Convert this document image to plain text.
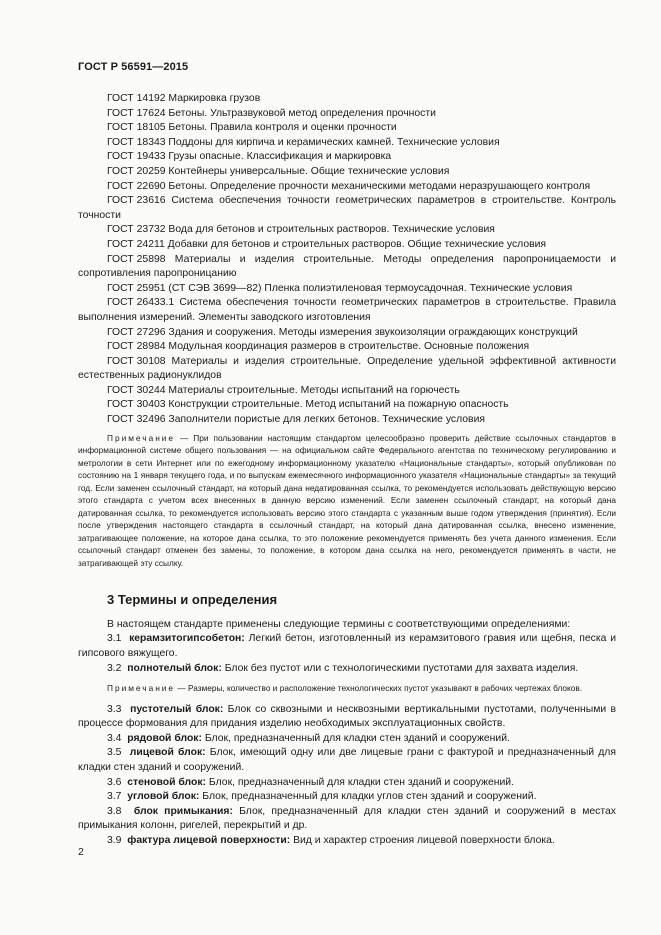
ГОСТ Р 56591—2015

ГОСТ 14192 Маркировка грузов

ГОСТ 17624 Бетоны. Ультразвуковой метод определения прочности

ГОСТ 18105 Бетоны. Правила контроля и оценки прочности

ГОСТ 18343 Поддоны для кирпича и керамических камней. Технические условия

ГОСТ 19433 Грузы опасные. Классификация и маркировка

ГОСТ 20259 Контейнеры универсальные. Общие технические условия

ГОСТ 22690 Бетоны. Определение прочности механическими методами неразрушающего контроля

ГОСТ 23616 Система обеспечения точности геометрических параметров в строительстве. Контроль точности

ГОСТ 23732 Вода для бетонов и строительных растворов. Технические условия

ГОСТ 24211 Добавки для бетонов и строительных растворов. Общие технические условия

ГОСТ 25898 Материалы и изделия строительные. Методы определения паропроницаемости и сопротивления паропроницанию

ГОСТ 25951 (СТ СЭВ 3699—82) Пленка полиэтиленовая термоусадочная. Технические условия

ГОСТ 26433.1 Система обеспечения точности геометрических параметров в строительстве. Правила выполнения измерений. Элементы заводского изготовления

ГОСТ 27296 Здания и сооружения. Методы измерения звукоизоляции ограждающих конструкций

ГОСТ 28984 Модульная координация размеров в строительстве. Основные положения

ГОСТ 30108 Материалы и изделия строительные. Определение удельной эффективной активности естественных радионуклидов

ГОСТ 30244 Материалы строительные. Методы испытаний на горючесть

ГОСТ 30403 Конструкции строительные. Метод испытаний на пожарную опасность

ГОСТ 32496 Заполнители пористые для легких бетонов. Технические условия

Примечание — При пользовании настоящим стандартом целесообразно проверить действие ссылочных стандартов в информационной системе общего пользования — на официальном сайте Федерального агентства по техническому регулированию и метрологии в сети Интернет или по ежегодному информационному указателю «Национальные стандарты», который опубликован по состоянию на 1 января текущего года, и по выпускам ежемесячного информационного указателя «Национальные стандарты» за текущий год. Если заменен ссылочный стандарт, на который дана недатированная ссылка, то рекомендуется использовать действующую версию этого стандарта с учетом всех внесенных в данную версию изменений. Если заменен ссылочный стандарт, на который дана датированная ссылка, то рекомендуется использовать версию этого стандарта с указанным выше годом утверждения (принятия). Если после утверждения настоящего стандарта в ссылочный стандарт, на который дана датированная ссылка, внесено изменение, затрагивающее положение, на которое дана ссылка, то это положение рекомендуется применять без учета данного изменения. Если ссылочный стандарт отменен без замены, то положение, в котором дана ссылка на него, рекомендуется применять в части, не затрагивающей эту ссылку.

3 Термины и определения

В настоящем стандарте применены следующие термины с соответствующими определениями:

3.1 керамзитогипсобетон: Легкий бетон, изготовленный из керамзитового гравия или щебня, песка и гипсового вяжущего.

3.2 полнотелый блок: Блок без пустот или с технологическими пустотами для захвата изделия.

Примечание — Размеры, количество и расположение технологических пустот указывают в рабочих чертежах блоков.

3.3 пустотелый блок: Блок со сквозными и несквозными вертикальными пустотами, полученными в процессе формования для придания изделию необходимых эксплуатационных свойств.

3.4 рядовой блок: Блок, предназначенный для кладки стен зданий и сооружений.

3.5 лицевой блок: Блок, имеющий одну или две лицевые грани с фактурой и предназначенный для кладки стен зданий и сооружений.

3.6 стеновой блок: Блок, предназначенный для кладки стен зданий и сооружений.

3.7 угловой блок: Блок, предназначенный для кладки углов стен зданий и сооружений.

3.8 блок примыкания: Блок, предназначенный для кладки стен зданий и сооружений в местах примыкания колонн, ригелей, перекрытий и др.

3.9 фактура лицевой поверхности: Вид и характер строения лицевой поверхности блока.

2
